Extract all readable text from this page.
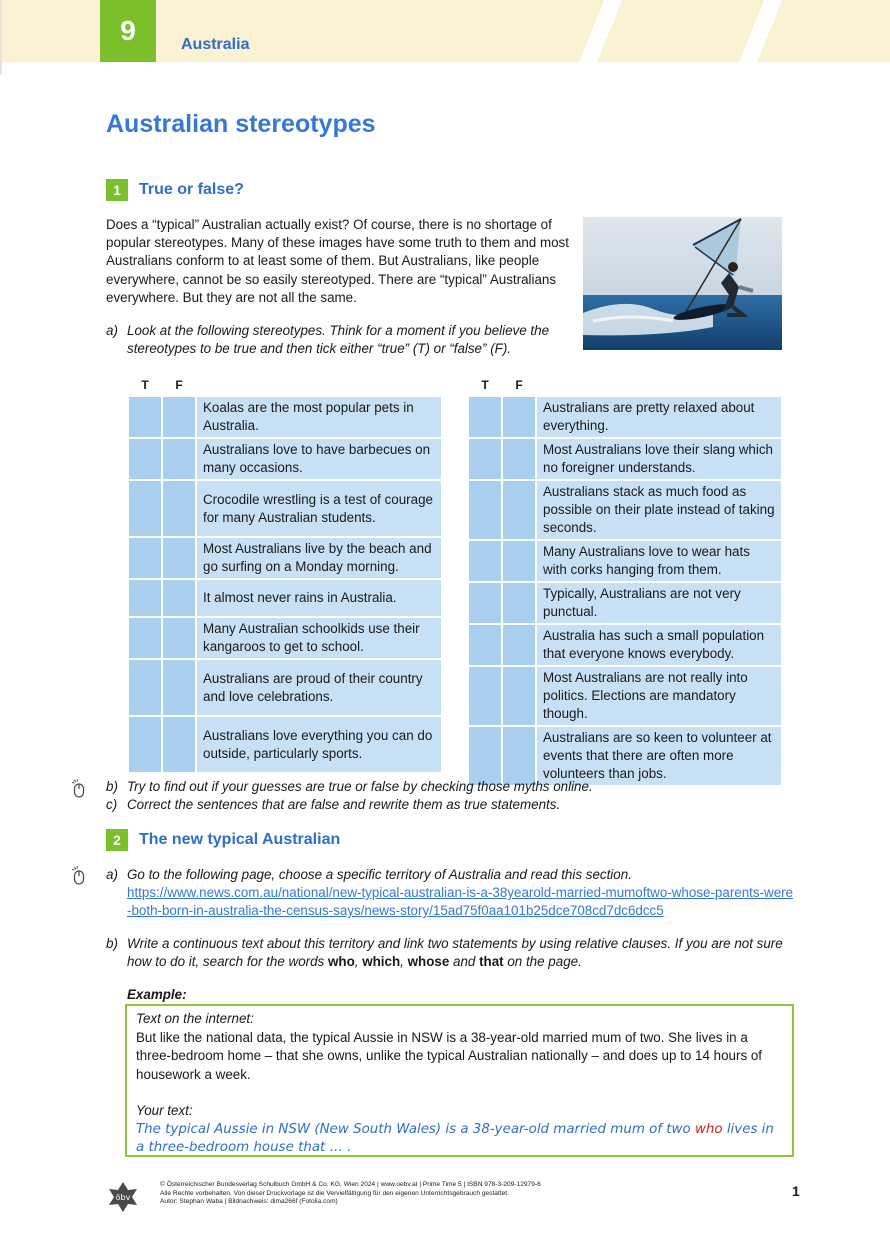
9	Australia
Australian stereotypes
1	True or false?
Does a “typical” Australian actually exist? Of course, there is no shortage of popular stereotypes. Many of these images have some truth to them and most Australians conform to at least some of them. But Australians, like people everywhere, cannot be so easily stereotyped. There are “typical” Australians everywhere. But they are not all the same.
a) Look at the following stereotypes. Think for a moment if you believe the stereotypes to be true and then tick either “true” (T) or “false” (F).
T	F	
		Koalas are the most popular pets in Australia.
		Australians love to have barbecues on many occasions.
		Crocodile wrestling is a test of courage for many Australian students.
		Most Australians live by the beach and go surfing on a Monday morning.
		It almost never rains in Australia.
		Many Australian schoolkids use their kangaroos to get to school.
		Australians are proud of their country and love celebrations.
		Australians love everything you can do outside, particularly sports.
T	F	
		Australians are pretty relaxed about everything.
		Most Australians love their slang which no foreigner understands.
		Australians stack as much food as possible on their plate instead of taking seconds.
		Many Australians love to wear hats with corks hanging from them.
		Typically, Australians are not very punctual.
		Australia has such a small population that everyone knows everybody.
		Most Australians are not really into politics. Elections are mandatory though.
		Australians are so keen to volunteer at events that there are often more volunteers than jobs.
b) Try to find out if your guesses are true or false by checking those myths online.
c) Correct the sentences that are false and rewrite them as true statements.
2	The new typical Australian
a) Go to the following page, choose a specific territory of Australia and read this section.
https://www.news.com.au/national/new-typical-australian-is-a-38yearold-married-mumoftwo-whose-parents-were-both-born-in-australia-the-census-says/news-story/15ad75f0aa101b25dce708cd7dc6dcc5
b) Write a continuous text about this territory and link two statements by using relative clauses. If you are not sure how to do it, search for the words who, which, whose and that on the page.
Example:
Text on the internet:
But like the national data, the typical Aussie in NSW is a 38-year-old married mum of two. She lives in a three-bedroom home – that she owns, unlike the typical Australian nationally – and does up to 14 hours of housework a week.
Your text:
The typical Aussie in NSW (New South Wales) is a 38-year-old married mum of two who lives in a three-bedroom house that … .
öbv
© Österreichischer Bundesverlag Schulbuch GmbH & Co. KG, Wien 2024 | www.oebv.at | Prime Time 5 | ISBN 978-3-209-12979-6
Alle Rechte vorbehalten. Von dieser Druckvorlage ist die Vervielfältigung für den eigenen Unterrichtsgebrauch gestattet.
Autor: Stephan Waba | Bildnachweis: dima266f (Fotolia.com)
1
